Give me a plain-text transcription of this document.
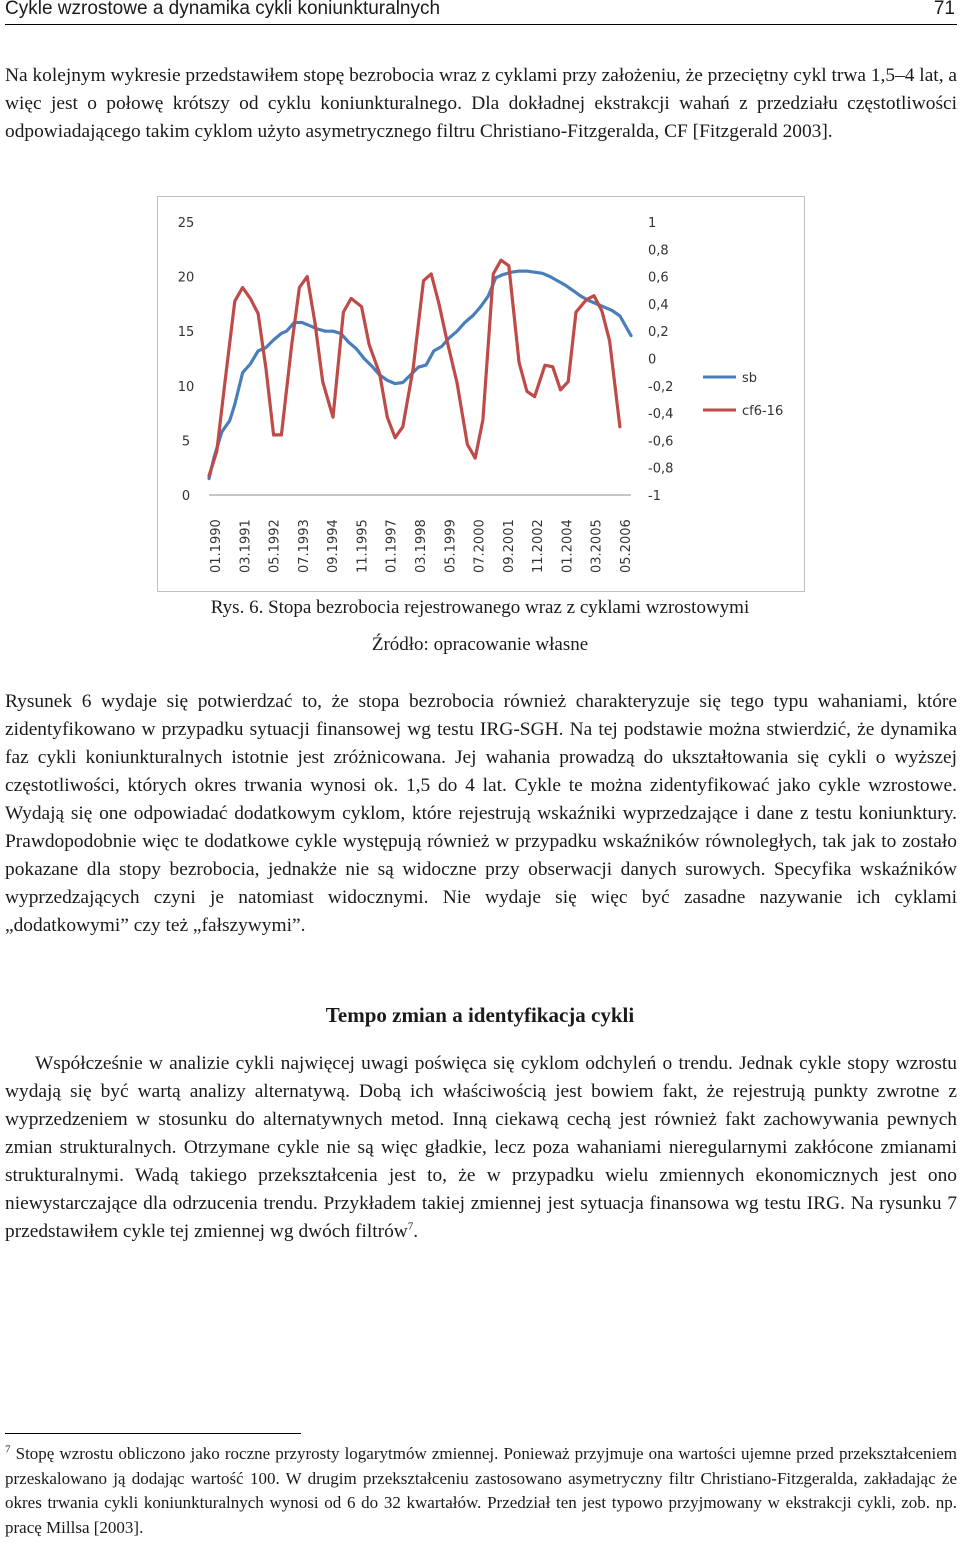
Cykle wzrostowe a dynamika cykli koniunkturalnych	71

Na kolejnym wykresie przedstawiłem stopę bezrobocia wraz z cyklami przy założeniu, że przeciętny cykl trwa 1,5–4 lat, a więc jest o połowę krótszy od cyklu koniunkturalnego. Dla dokładnej ekstrakcji wahań z przedziału częstotliwości odpowiadającego takim cyklom użyto asymetrycznego filtru Christiano-Fitzgeralda, CF [Fitzgerald 2003].

25
20
15
10
5
0
1
0,8
0,6
0,4
0,2
0
-0,2
-0,4
-0,6
-0,8
-1
01.1990 03.1991 05.1992 07.1993 09.1994 11.1995 01.1997 03.1998 05.1999 07.2000 09.2001 11.2002 01.2004 03.2005 05.2006
sb
cf6-16
Rys. 6. Stopa bezrobocia rejestrowanego wraz z cyklami wzrostowymi
Źródło: opracowanie własne

Rysunek 6 wydaje się potwierdzać to, że stopa bezrobocia również charakteryzuje się tego typu wahaniami, które zidentyfikowano w przypadku sytuacji finansowej wg testu IRG-SGH. Na tej podstawie można stwierdzić, że dynamika faz cykli koniunkturalnych istotnie jest zróżnicowana. Jej wahania prowadzą do ukształtowania się cykli o wyższej częstotliwości, których okres trwania wynosi ok. 1,5 do 4 lat. Cykle te można zidentyfikować jako cykle wzrostowe. Wydają się one odpowiadać dodatkowym cyklom, które rejestrują wskaźniki wyprzedzające i dane z testu koniunktury. Prawdopodobnie więc te dodatkowe cykle występują również w przypadku wskaźników równoległych, tak jak to zostało pokazane dla stopy bezrobocia, jednakże nie są widoczne przy obserwacji danych surowych. Specyfika wskaźników wyprzedzających czyni je natomiast widocznymi. Nie wydaje się więc być zasadne nazywanie ich cyklami „dodatkowymi” czy też „fałszywymi”.

Tempo zmian a identyfikacja cykli

Współcześnie w analizie cykli najwięcej uwagi poświęca się cyklom odchyleń o trendu. Jednak cykle stopy wzrostu wydają się być wartą analizy alternatywą. Dobą ich właściwością jest bowiem fakt, że rejestrują punkty zwrotne z wyprzedzeniem w stosunku do alternatywnych metod. Inną ciekawą cechą jest również fakt zachowywania pewnych zmian strukturalnych. Otrzymane cykle nie są więc gładkie, lecz poza wahaniami nieregularnymi zakłócone zmianami strukturalnymi. Wadą takiego przekształcenia jest to, że w przypadku wielu zmiennych ekonomicznych jest ono niewystarczające dla odrzucenia trendu. Przykładem takiej zmiennej jest sytuacja finansowa wg testu IRG. Na rysunku 7 przedstawiłem cykle tej zmiennej wg dwóch filtrów$^7$.

$^7$ Stopę wzrostu obliczono jako roczne przyrosty logarytmów zmiennej. Ponieważ przyjmuje ona wartości ujemne przed przekształceniem przeskalowano ją dodając wartość 100. W drugim przekształceniu zastosowano asymetryczny filtr Christiano-Fitzgeralda, zakładając że okres trwania cykli koniunkturalnych wynosi od 6 do 32 kwartałów. Przedział ten jest typowo przyjmowany w ekstrakcji cykli, zob. np. pracę Millsa [2003].
